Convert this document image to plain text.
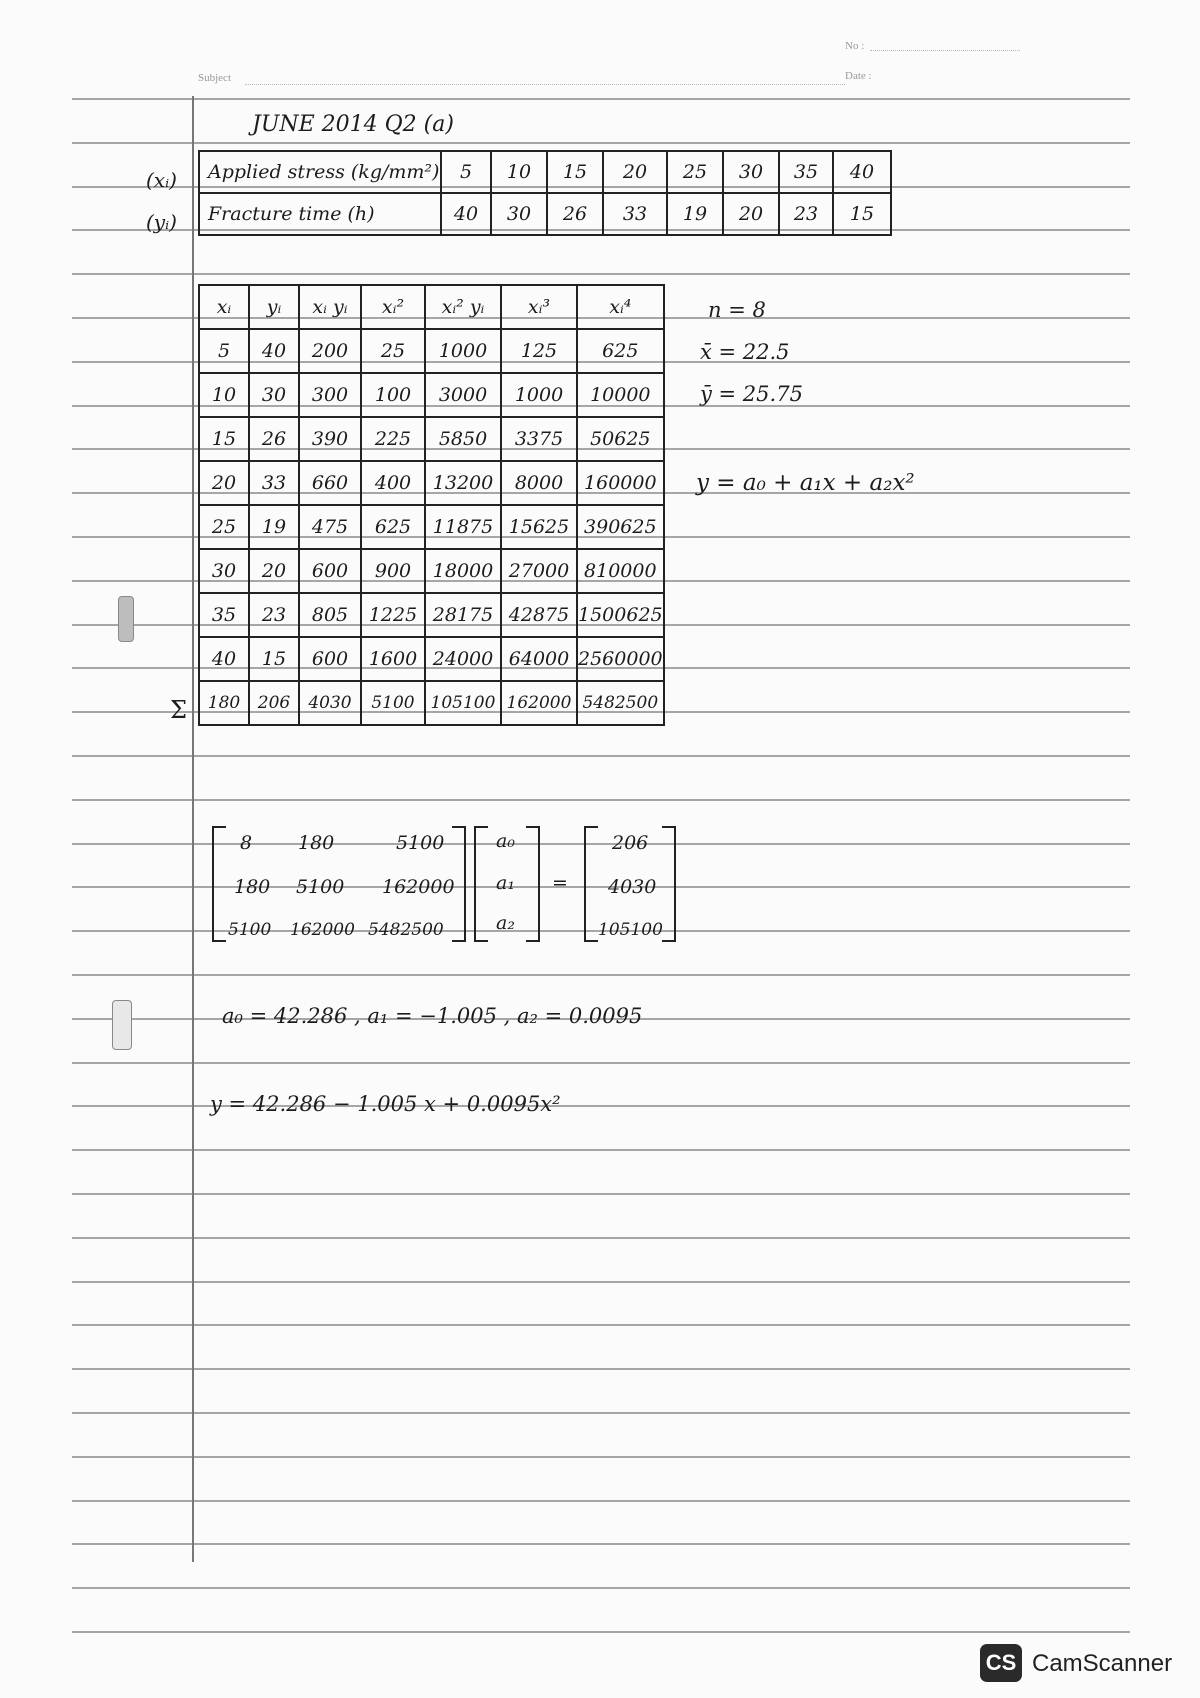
No :
Date :
Subject
JUNE 2014 Q2 (a)
(xᵢ)
(yᵢ)
Applied stress (kg/mm²)	5	10	15	20	25	30	35	40
Fracture time (h)	40	30	26	33	19	20	23	15
xᵢ	yᵢ	xᵢ yᵢ	xᵢ²	xᵢ² yᵢ	xᵢ³	xᵢ⁴
5	40	200	25	1000	125	625
10	30	300	100	3000	1000	10000
15	26	390	225	5850	3375	50625
20	33	660	400	13200	8000	160000
25	19	475	625	11875	15625	390625
30	20	600	900	18000	27000	810000
35	23	805	1225	28175	42875	1500625
40	15	600	1600	24000	64000	2560000
180	206	4030	5100	105100	162000	5482500
Σ
n = 8
x̄ = 22.5
ȳ = 25.75
y = a₀ + a₁x + a₂x²
8 180	5100
180 5100 162000
5100 162000 5482500
a₀
a₁
a₂
=
206
4030
105100
a₀ = 42.286 , a₁ = −1.005 , a₂ = 0.0095
y = 42.286 − 1.005 x + 0.0095x²
CS CamScanner
